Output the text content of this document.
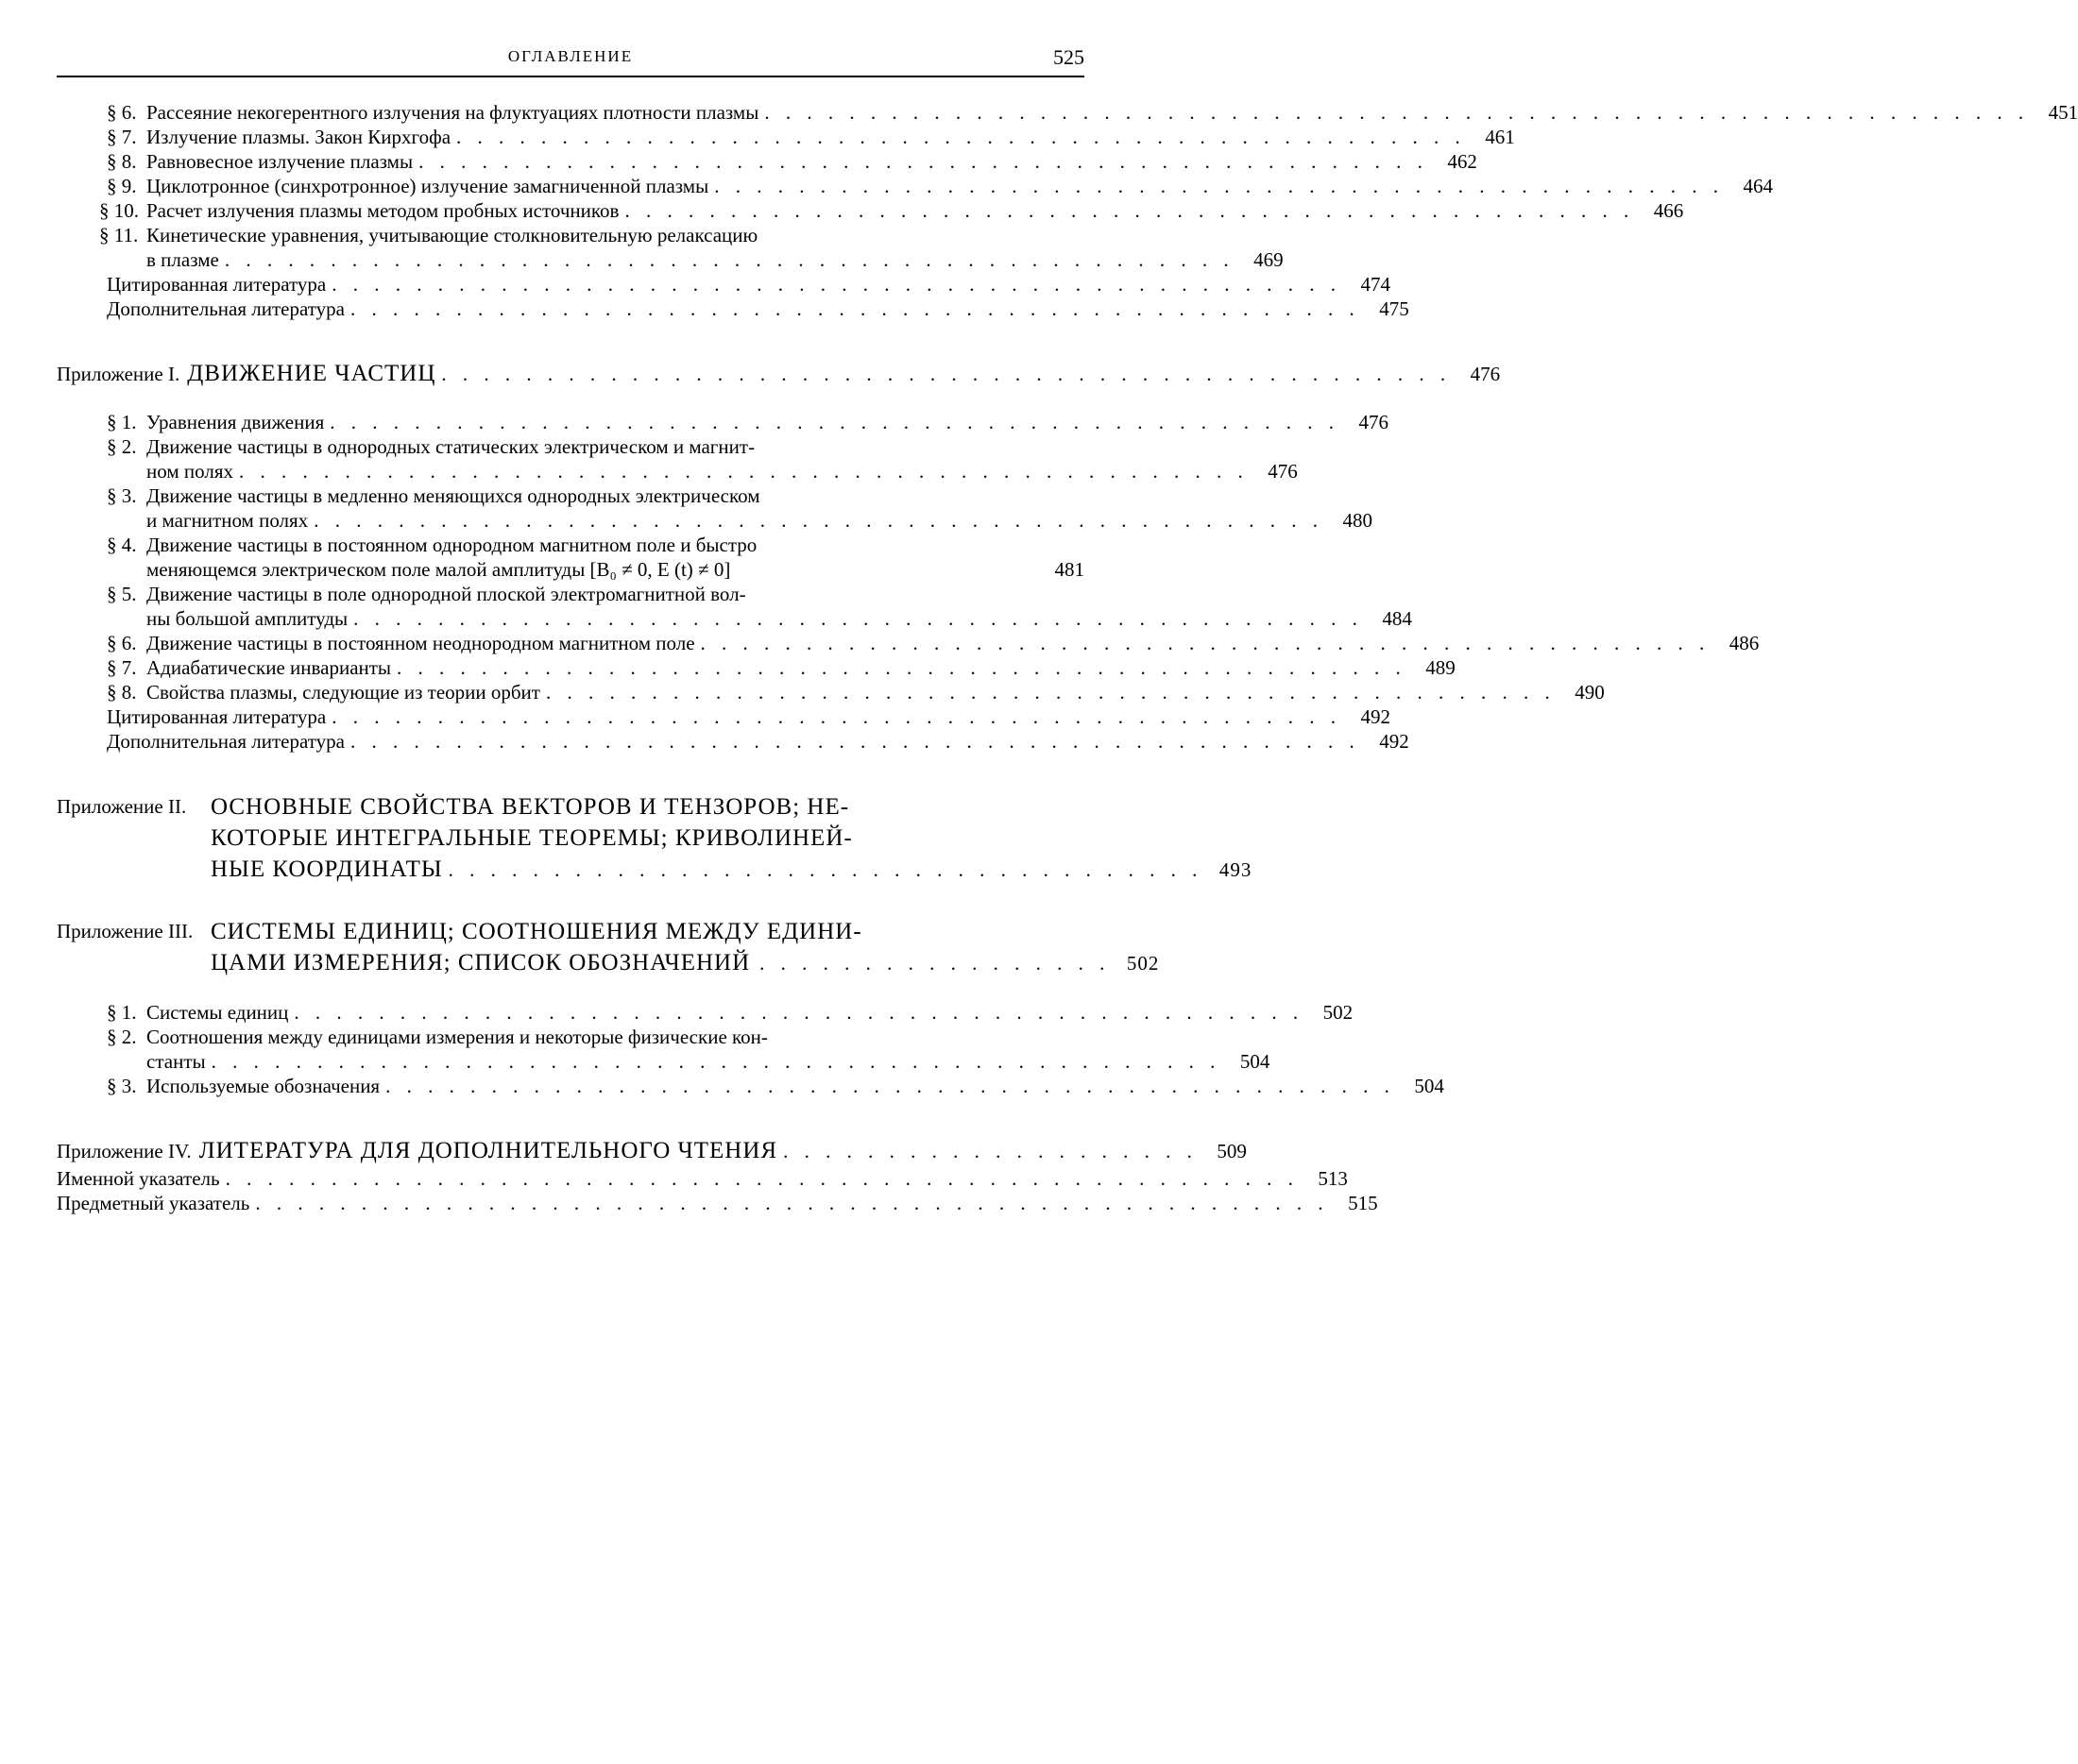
ОГЛАВЛЕНИЕ	525
§ 6. Рассеяние некогерентного излучения на флуктуациях плотности плазмы . . . . . . . . . . . . . . . . . . . . . . . . . . . . . . . . . . . . . . . . . . . . . . . . . . . . . . . . . . . . 451
§ 7. Излучение плазмы. Закон Кирхгофа . . . . . . . . . . . . . . . . . . . . . . . . . . . . . . . . . . . . . . . . . . . . . . . . 461
§ 8. Равновесное излучение плазмы . . . . . . . . . . . . . . . . . . . . . . . . . . . . . . . . . . . . . . . . . . . . . . . . 462
§ 9. Циклотронное (синхротронное) излучение замагниченной плазмы . . . . . . . . . . . . . . . . . . . . . . . . . . . . . . . . . . . . . . . . . . . . . . . . 464
§ 10. Расчет излучения плазмы методом пробных источников . . . . . . . . . . . . . . . . . . . . . . . . . . . . . . . . . . . . . . . . . . . . . . . . 466
§ 11. Кинетические уравнения, учитывающие столкновительную релаксацию
в плазме . . . . . . . . . . . . . . . . . . . . . . . . . . . . . . . . . . . . . . . . . . . . . . . . 469
Цитированная литература . . . . . . . . . . . . . . . . . . . . . . . . . . . . . . . . . . . . . . . . . . . . . . . . 474
Дополнительная литература . . . . . . . . . . . . . . . . . . . . . . . . . . . . . . . . . . . . . . . . . . . . . . . . 475
Приложение I. ДВИЖЕНИЕ ЧАСТИЦ . . . . . . . . . . . . . . . . . . . . . . . . . . . . . . . . . . . . . . . . . . . . . . . . 476
§ 1. Уравнения движения . . . . . . . . . . . . . . . . . . . . . . . . . . . . . . . . . . . . . . . . . . . . . . . . 476
§ 2. Движение частицы в однородных статических электрическом и магнит-
ном полях . . . . . . . . . . . . . . . . . . . . . . . . . . . . . . . . . . . . . . . . . . . . . . . . 476
§ 3. Движение частицы в медленно меняющихся однородных электрическом
и магнитном полях . . . . . . . . . . . . . . . . . . . . . . . . . . . . . . . . . . . . . . . . . . . . . . . . 480
§ 4. Движение частицы в постоянном однородном магнитном поле и быстро
меняющемся электрическом поле малой амплитуды [B₀ ≠ 0, E (t) ≠ 0]	481
§ 5. Движение частицы в поле однородной плоской электромагнитной вол-
ны большой амплитуды . . . . . . . . . . . . . . . . . . . . . . . . . . . . . . . . . . . . . . . . . . . . . . . . 484
§ 6. Движение частицы в постоянном неоднородном магнитном поле . . . . . . . . . . . . . . . . . . . . . . . . . . . . . . . . . . . . . . . . . . . . . . . . 486
§ 7. Адиабатические инварианты . . . . . . . . . . . . . . . . . . . . . . . . . . . . . . . . . . . . . . . . . . . . . . . . 489
§ 8. Свойства плазмы, следующие из теории орбит . . . . . . . . . . . . . . . . . . . . . . . . . . . . . . . . . . . . . . . . . . . . . . . . 490
Цитированная литература . . . . . . . . . . . . . . . . . . . . . . . . . . . . . . . . . . . . . . . . . . . . . . . . 492
Дополнительная литература . . . . . . . . . . . . . . . . . . . . . . . . . . . . . . . . . . . . . . . . . . . . . . . . 492
Приложение II.	ОСНОВНЫЕ СВОЙСТВА ВЕКТОРОВ И ТЕНЗОРОВ; НЕ-
КОТОРЫЕ ИНТЕГРАЛЬНЫЕ ТЕОРЕМЫ; КРИВОЛИНЕЙ-
НЫЕ КООРДИНАТЫ . . . . . . . . . . . . . . . . . . . . . . . . . . . . . . . . . . . . 493
Приложение III. СИСТЕМЫ ЕДИНИЦ; СООТНОШЕНИЯ МЕЖДУ ЕДИНИ-
ЦАМИ ИЗМЕРЕНИЯ; СПИСОК ОБОЗНАЧЕНИЙ . . . . . . . . . . . . . . . . . 502
§ 1. Системы единиц . . . . . . . . . . . . . . . . . . . . . . . . . . . . . . . . . . . . . . . . . . . . . . . . 502
§ 2. Соотношения между единицами измерения и некоторые физические кон-
станты . . . . . . . . . . . . . . . . . . . . . . . . . . . . . . . . . . . . . . . . . . . . . . . . 504
§ 3. Используемые обозначения . . . . . . . . . . . . . . . . . . . . . . . . . . . . . . . . . . . . . . . . . . . . . . . . 504
Приложение IV. ЛИТЕРАТУРА ДЛЯ ДОПОЛНИТЕЛЬНОГО ЧТЕНИЯ . . . . . . . . . . . . . . . . . . . . 509
Именной указатель . . . . . . . . . . . . . . . . . . . . . . . . . . . . . . . . . . . . . . . . . . . . . . . . . . . 513
Предметный указатель . . . . . . . . . . . . . . . . . . . . . . . . . . . . . . . . . . . . . . . . . . . . . . . . . . . 515
